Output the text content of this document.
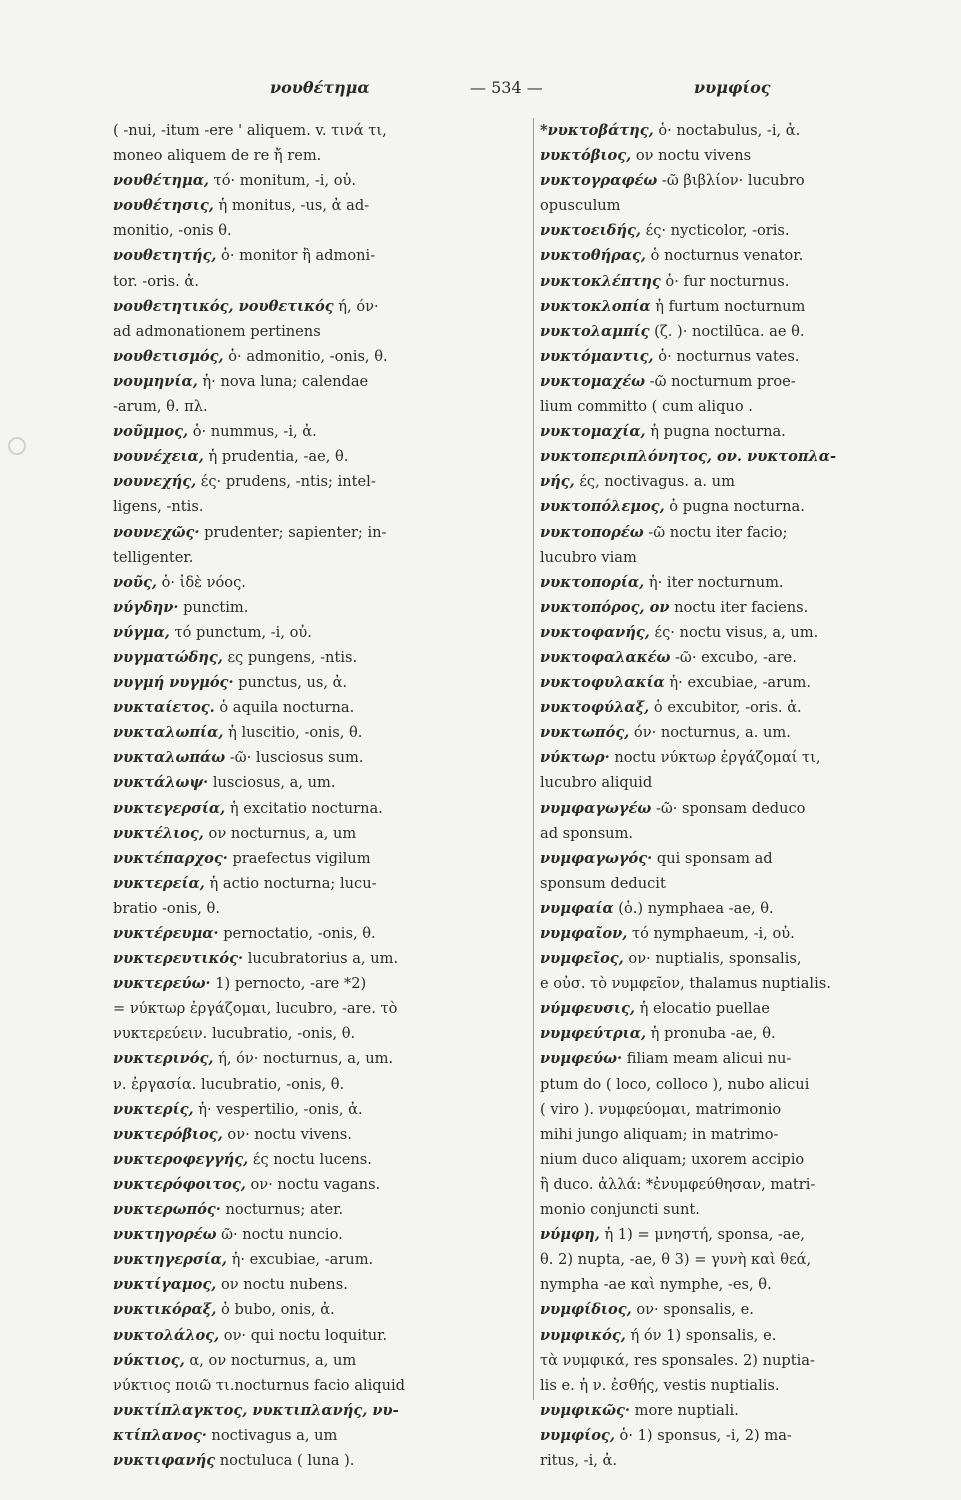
νουθέτημα	— 534 —	νυμφίος
( -nui, -itum -ere ' aliquem. v. τινά τι,
moneo aliquem de re ἤ rem.
νουθέτημα, τό· monitum, -i, οὐ.
νουθέτησις, ἡ monitus, -us, ἀ ad-
monitio, -onis θ.
νουθετητής, ὁ· monitor ἢ admoni-
tor. -oris. ἀ.
νουθετητικός, νουθετικός ή, όν·
ad admonationem pertinens
νουθετισμός, ὁ· admonitio, -onis, θ.
νουμηνία, ἡ· nova luna; calendae
-arum, θ. πλ.
νοῦμμος, ὁ· nummus, -i, ἀ.
νουνέχεια, ἡ prudentia, -ae, θ.
νουνεχής, ές· prudens, -ntis; intel-
ligens, -ntis.
νουνεχῶς· prudenter; sapienter; in-
telligenter.
νοῦς, ὁ· ἰδὲ νόος.
νύγδην· punctim.
νύγμα, τό punctum, -i, οὐ.
νυγματώδης, ες pungens, -ntis.
νυγμή νυγμός· punctus, us, ἀ.
νυκταίετος. ὁ aquila nocturna.
νυκταλωπία, ἡ luscitio, -onis, θ.
νυκταλωπάω -ῶ· lusciosus sum.
νυκτάλωψ· lusciosus, a, um.
νυκτεγερσία, ἡ excitatio nocturna.
νυκτέλιος, ον nocturnus, a, um
νυκτέπαρχος· praefectus vigilum
νυκτερεία, ἡ actio nocturna; lucu-
bratio -onis, θ.
νυκτέρευμα· pernoctatio, -onis, θ.
νυκτερευτικός· lucubratorius a, um.
νυκτερεύω· 1) pernocto, -are *2)
= νύκτωρ ἐργάζομαι, lucubro, -are. τὸ
νυκτερεύειν. lucubratio, -onis, θ.
νυκτερινός, ή, όν· nocturnus, a, um.
ν. ἐργασία. lucubratio, -onis, θ.
νυκτερίς, ἡ· vespertilio, -onis, ἀ.
νυκτερόβιος, ον· noctu vivens.
νυκτεροφεγγής, ές noctu lucens.
νυκτερόφοιτος, ον· noctu vagans.
νυκτερωπός· nocturnus; ater.
νυκτηγορέω ῶ· noctu nuncio.
νυκτηγερσία, ἡ· excubiae, -arum.
νυκτίγαμος, ον noctu nubens.
νυκτικόραξ, ὁ bubo, onis, ἀ.
νυκτολάλος, ον· qui noctu loquitur.
νύκτιος, α, ον nocturnus, a, um
νύκτιος ποιῶ τι.nocturnus facio aliquid
νυκτίπλαγκτος, νυκτιπλανής, νυ-
κτίπλανος· noctivagus a, um
νυκτιφανής noctuluca ( luna ).
*νυκτοβάτης, ὁ· noctabulus, -i, ἀ.
νυκτόβιος, ον noctu vivens
νυκτογραφέω -ῶ βιβλίον· lucubro
opusculum
νυκτοειδής, ές· nycticolor, -oris.
νυκτοθήρας, ὁ nocturnus venator.
νυκτοκλέπτης ὁ· fur nocturnus.
νυκτοκλοπία ἡ furtum nocturnum
νυκτολαμπίς (ζ. )· noctilūca. ae θ.
νυκτόμαντις, ὁ· nocturnus vates.
νυκτομαχέω -ῶ nocturnum proe-
lium committo ( cum aliquo .
νυκτομαχία, ἡ pugna nocturna.
νυκτοπεριπλόνητος, ον. νυκτοπλα-
νής, ές, noctivagus. a. um
νυκτοπόλεμος, ὁ pugna nocturna.
νυκτοπορέω -ῶ noctu iter facio;
lucubro viam
νυκτοπορία, ἡ· iter nocturnum.
νυκτοπόρος, ον noctu iter faciens.
νυκτοφανής, ές· noctu visus, a, um.
νυκτοφαλακέω -ῶ· excubo, -are.
νυκτοφυλακία ἡ· excubiae, -arum.
νυκτοφύλαξ, ὁ excubitor, -oris. ἀ.
νυκτωπός, όν· nocturnus, a. um.
νύκτωρ· noctu νύκτωρ ἐργάζομαί τι,
lucubro aliquid
νυμφαγωγέω -ῶ· sponsam deduco
ad sponsum.
νυμφαγωγός· qui sponsam ad
sponsum deducit
νυμφαία (ὁ.) nymphaea -ae, θ.
νυμφαῖον, τό nymphaeum, -i, οὐ.
νυμφεῖος, ον· nuptialis, sponsalis,
e οὐσ. τὸ νυμφεῖον, thalamus nuptialis.
νύμφευσις, ἡ elocatio puellae
νυμφεύτρια, ἡ pronuba -ae, θ.
νυμφεύω· filiam meam alicui nu-
ptum do ( loco, colloco ), nubo alicui
( viro ). νυμφεύομαι, matrimonio
mihi jungo aliquam; in matrimo-
nium duco aliquam; uxorem accipio
ἢ duco. ἀλλά: *ἐνυμφεύθησαν, matri-
monio conjuncti sunt.
νύμφη, ἡ 1) = μνηστή, sponsa, -ae,
θ. 2) nupta, -ae, θ 3) = γυνὴ καὶ θεά,
nympha -ae καὶ nymphe, -es, θ.
νυμφίδιος, ον· sponsalis, e.
νυμφικός, ή όν 1) sponsalis, e.
τὰ νυμφικά, res sponsales. 2) nuptia-
lis e. ἡ ν. ἐσθής, vestis nuptialis.
νυμφικῶς· more nuptiali.
νυμφίος, ὁ· 1) sponsus, -i, 2) ma-
ritus, -i, ἀ.
